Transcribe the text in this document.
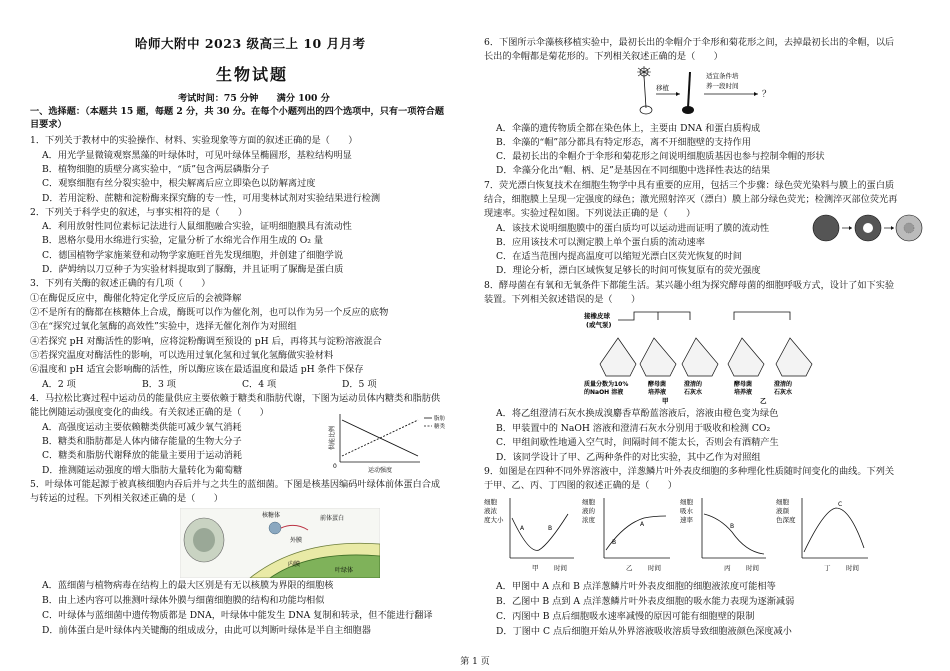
哈师大附中 2023 级高三上 10 月月考
生物试题
考试时间：75 分钟　　满分 100 分
一、选择题：（本题共 15 题，每题 2 分，共 30 分。在每个小题列出的四个选项中，只有一项符合题
目要求）
1．下列关于教材中的实验操作、材料、实验现象等方面的叙述正确的是（　　）
A．用光学显微镜观察黑藻的叶绿体时，可见叶绿体呈椭圆形，基粒结构明显
B．植物细胞的质壁分离实验中，“质”包含两层磷脂分子
C．观察细胞有丝分裂实验中，根尖解离后应立即染色以防解离过度
D．若用淀粉、蔗糖和淀粉酶来探究酶的专一性，可用斐林试剂对实验结果进行检测
2．下列关于科学史的叙述，与事实相符的是（　　）
A．利用放射性同位素标记法进行人鼠细胞融合实验，证明细胞膜具有流动性
B．恩格尔曼用水绵进行实验，定量分析了水绵光合作用生成的 O₂ 量
C．德国植物学家施莱登和动物学家施旺首先发现细胞，并创建了细胞学说
D．萨姆纳以刀豆种子为实验材料提取到了脲酶，并且证明了脲酶是蛋白质
3．下列有关酶的叙述正确的有几项（　　）
①在酶促反应中，酶催化特定化学反应后的会被降解
②不是所有的酶都在核糖体上合成，酶既可以作为催化剂，也可以作为另一个反应的底物
③在“探究过氧化氢酶的高效性”实验中，选择无催化剂作为对照组
④若探究 pH 对酶活性的影响，应将淀粉酶调至预设的 pH 后，再将其与淀粉溶液混合
⑤若探究温度对酶活性的影响，可以选用过氧化氢和过氧化氢酶做实验材料
⑥温度和 pH 适宜会影响酶的活性，所以酶应该在最适温度和最适 pH 条件下保存
A．2 项	B．3 项	C．4 项	D．5 项
4．马拉松比赛过程中运动员的能量供应主要依赖于糖类和脂肪代谢，下图为运动员体内糖类和脂肪供
能比例随运动强度变化的曲线。有关叙述正确的是（　　）
A．高强度运动主要依赖糖类供能可减少氧气消耗
B．糖类和脂肪都是人体内储存能量的生物大分子
C．糖类和脂肪代谢释放的能量主要用于运动消耗
D．推测随运动强度的增大脂肪大量转化为葡萄糖
供能比例
0
脂肪
糖类
运动强度
5．叶绿体可能起源于被真核细胞内吞后并与之共生的蓝细菌。下图是核基因编码叶绿体前体蛋白合成
与转运的过程。下列相关叙述正确的是（　　）
核糖体	前体蛋白
外膜
内膜
叶绿体
A．蓝细菌与植物病毒在结构上的最大区别是有无以核膜为界限的细胞核
B．由上述内容可以推测叶绿体外膜与细菌细胞膜的结构和功能均相似
C．叶绿体与蓝细菌中遗传物质都是 DNA，叶绿体中能发生 DNA 复制和转录，但不能进行翻译
D．前体蛋白是叶绿体内关键酶的组成成分，由此可以判断叶绿体是半自主细胞器
6．下图所示伞藻核移植实验中，最初长出的伞帽介于伞形和菊花形之间，去掉最初长出的伞帽，以后
长出的伞帽都是菊花形的。下列相关叙述正确的是（　　）
移植
适宜条件培
养一段时间
？
A．伞藻的遗传物质全都在染色体上，主要由 DNA 和蛋白质构成
B．伞藻的“帽”部分都具有特定形态，离不开细胞壁的支持作用
C．最初长出的伞帽介于伞形和菊花形之间说明细胞质基因也参与控制伞帽的形状
D．伞藻分化出“帽、柄、足”是基因在不同细胞中选择性表达的结果
7．荧光漂白恢复技术在细胞生物学中具有重要的应用，包括三个步骤：绿色荧光染料与膜上的蛋白质
结合，细胞膜上呈现一定强度的绿色；激光照射淬灭（漂白）膜上部分绿色荧光；检测淬灭部位荧光再
现速率。实验过程如图。下列说法正确的是（　　）
A．该技术说明细胞膜中的蛋白质均可以运动进而证明了膜的流动性
B．应用该技术可以测定膜上单个蛋白质的流动速率
C．在适当范围内提高温度可以缩短光漂白区荧光恢复的时间
D．理论分析，漂白区域恢复足够长的时间可恢复原有的荧光强度
8．酵母菌在有氧和无氧条件下都能生活。某兴趣小组为探究酵母菌的细胞呼吸方式，设计了如下实验
装置。下列相关叙述错误的是（　　）
接橡皮球
(或气泵)
质量分数为10%
的NaOH 溶液
酵母菌
培养液
澄清的
石灰水
甲
酵母菌
培养液
澄清的
石灰水
乙
A．将乙组澄清石灰水换成溴麝香草酚蓝溶液后，溶液由橙色变为绿色
B．甲装置中的 NaOH 溶液和澄清石灰水分别用于吸收和检测 CO₂
C．甲组间歇性地通入空气时，间隔时间不能太长，否则会有酒精产生
D．该同学设计了甲、乙两种条件的对比实验，其中乙作为对照组
9．如图是在四种不同外界溶液中，洋葱鳞片叶外表皮细胞的多种理化性质随时间变化的曲线。下列关
于甲、乙、丙、丁四图的叙述正确的是（　　）
细胞液浓度大小
A	B
甲 时间
细胞液的浓度
B
A
乙 时间
细胞吸水速率
B
丙 时间
细胞液颜色深度
C
丁 时间
A．甲图中 A 点和 B 点洋葱鳞片叶外表皮细胞的细胞液浓度可能相等
B．乙图中 B 点到 A 点洋葱鳞片叶外表皮细胞的吸水能力表现为逐渐减弱
C．丙图中 B 点后细胞吸水速率减慢的原因可能有细胞壁的限制
D．丁图中 C 点后细胞开始从外界溶液吸收溶质导致细胞液颜色深度减小
第 1 页
